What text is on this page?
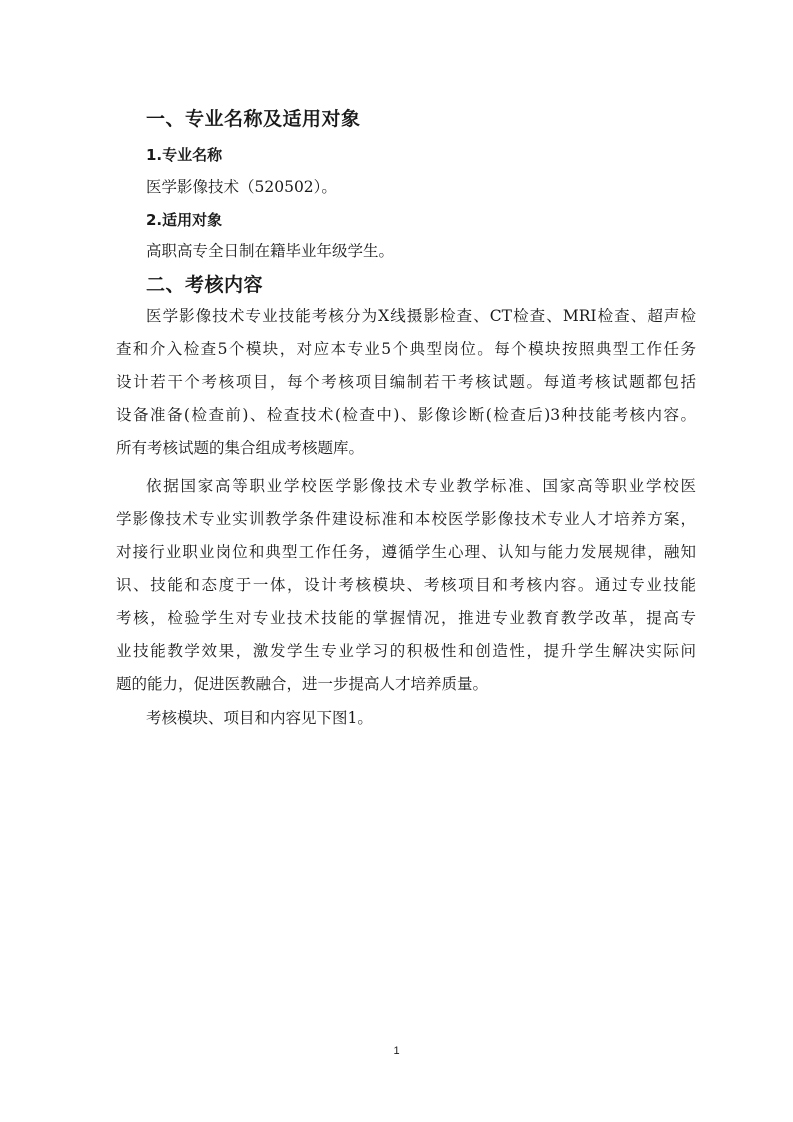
一、专业名称及适用对象
1.专业名称

医学影像技术（520502）。

2.适用对象

高职高专全日制在籍毕业年级学生。

二、考核内容
医学影像技术专业技能考核分为X线摄影检查、CT检查、MRI检查、超声检
查和介入检查5个模块，对应本专业5个典型岗位。每个模块按照典型工作任务
设计若干个考核项目，每个考核项目编制若干考核试题。每道考核试题都包括
设备准备(检查前)、检查技术(检查中)、影像诊断(检查后)3种技能考核内容。
所有考核试题的集合组成考核题库。
依据国家高等职业学校医学影像技术专业教学标准、国家高等职业学校医
学影像技术专业实训教学条件建设标准和本校医学影像技术专业人才培养方案，
对接行业职业岗位和典型工作任务，遵循学生心理、认知与能力发展规律，融知
识、技能和态度于一体，设计考核模块、考核项目和考核内容。通过专业技能
考核，检验学生对专业技术技能的掌握情况，推进专业教育教学改革，提高专
业技能教学效果，激发学生专业学习的积极性和创造性，提升学生解决实际问
题的能力，促进医教融合，进一步提高人才培养质量。
考核模块、项目和内容见下图1。
1
